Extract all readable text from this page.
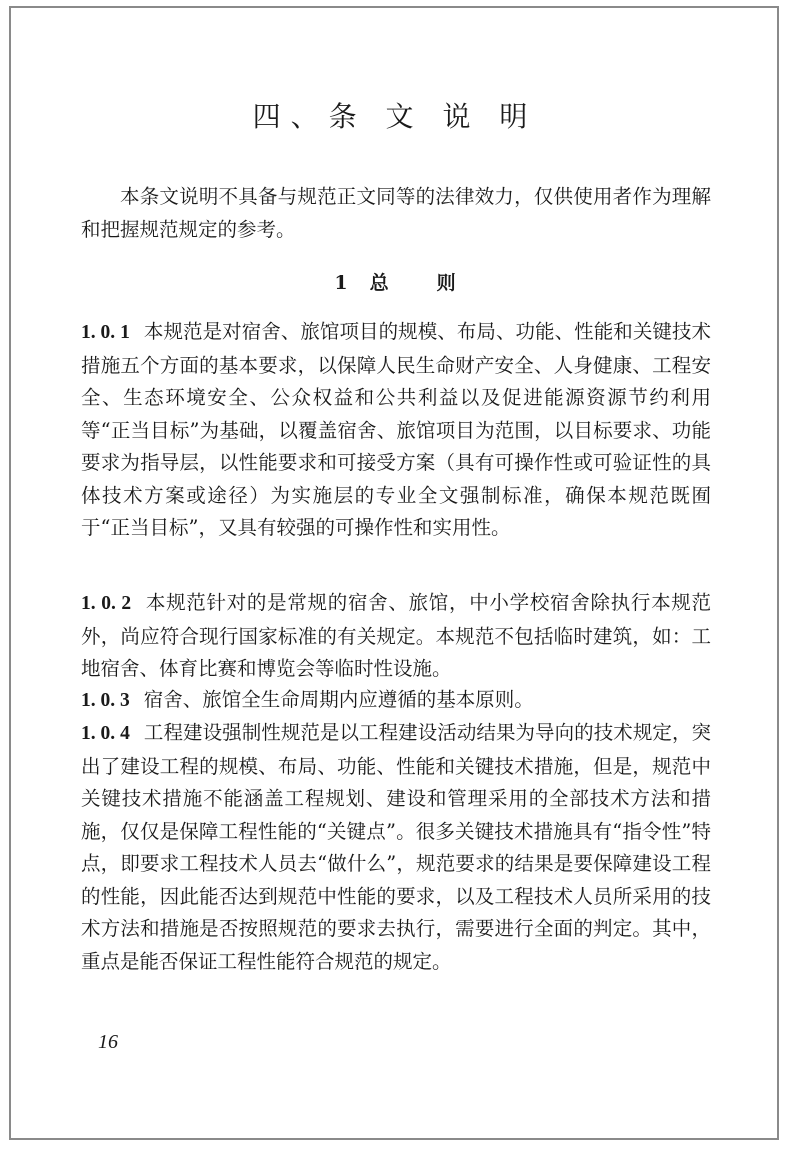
四、条 文 说 明

本条文说明不具备与规范正文同等的法律效力，仅供使用者作为理解和把握规范规定的参考。

1 总	则

1. 0. 1 本规范是对宿舍、旅馆项目的规模、布局、功能、性能和关键技术措施五个方面的基本要求，以保障人民生命财产安全、人身健康、工程安全、生态环境安全、公众权益和公共利益以及促进能源资源节约利用等“正当目标”为基础，以覆盖宿舍、旅馆项目为范围，以目标要求、功能要求为指导层，以性能要求和可接受方案（具有可操作性或可验证性的具体技术方案或途径）为实施层的专业全文强制标准，确保本规范既囿于“正当目标”，又具有较强的可操作性和实用性。

1. 0. 2 本规范针对的是常规的宿舍、旅馆，中小学校宿舍除执行本规范外，尚应符合现行国家标准的有关规定。本规范不包括临时建筑，如：工地宿舍、体育比赛和博览会等临时性设施。

1. 0. 3 宿舍、旅馆全生命周期内应遵循的基本原则。

1. 0. 4 工程建设强制性规范是以工程建设活动结果为导向的技术规定，突出了建设工程的规模、布局、功能、性能和关键技术措施，但是，规范中关键技术措施不能涵盖工程规划、建设和管理采用的全部技术方法和措施，仅仅是保障工程性能的“关键点”。很多关键技术措施具有“指令性”特点，即要求工程技术人员去“做什么”，规范要求的结果是要保障建设工程的性能，因此能否达到规范中性能的要求，以及工程技术人员所采用的技术方法和措施是否按照规范的要求去执行，需要进行全面的判定。其中，重点是能否保证工程性能符合规范的规定。

16
